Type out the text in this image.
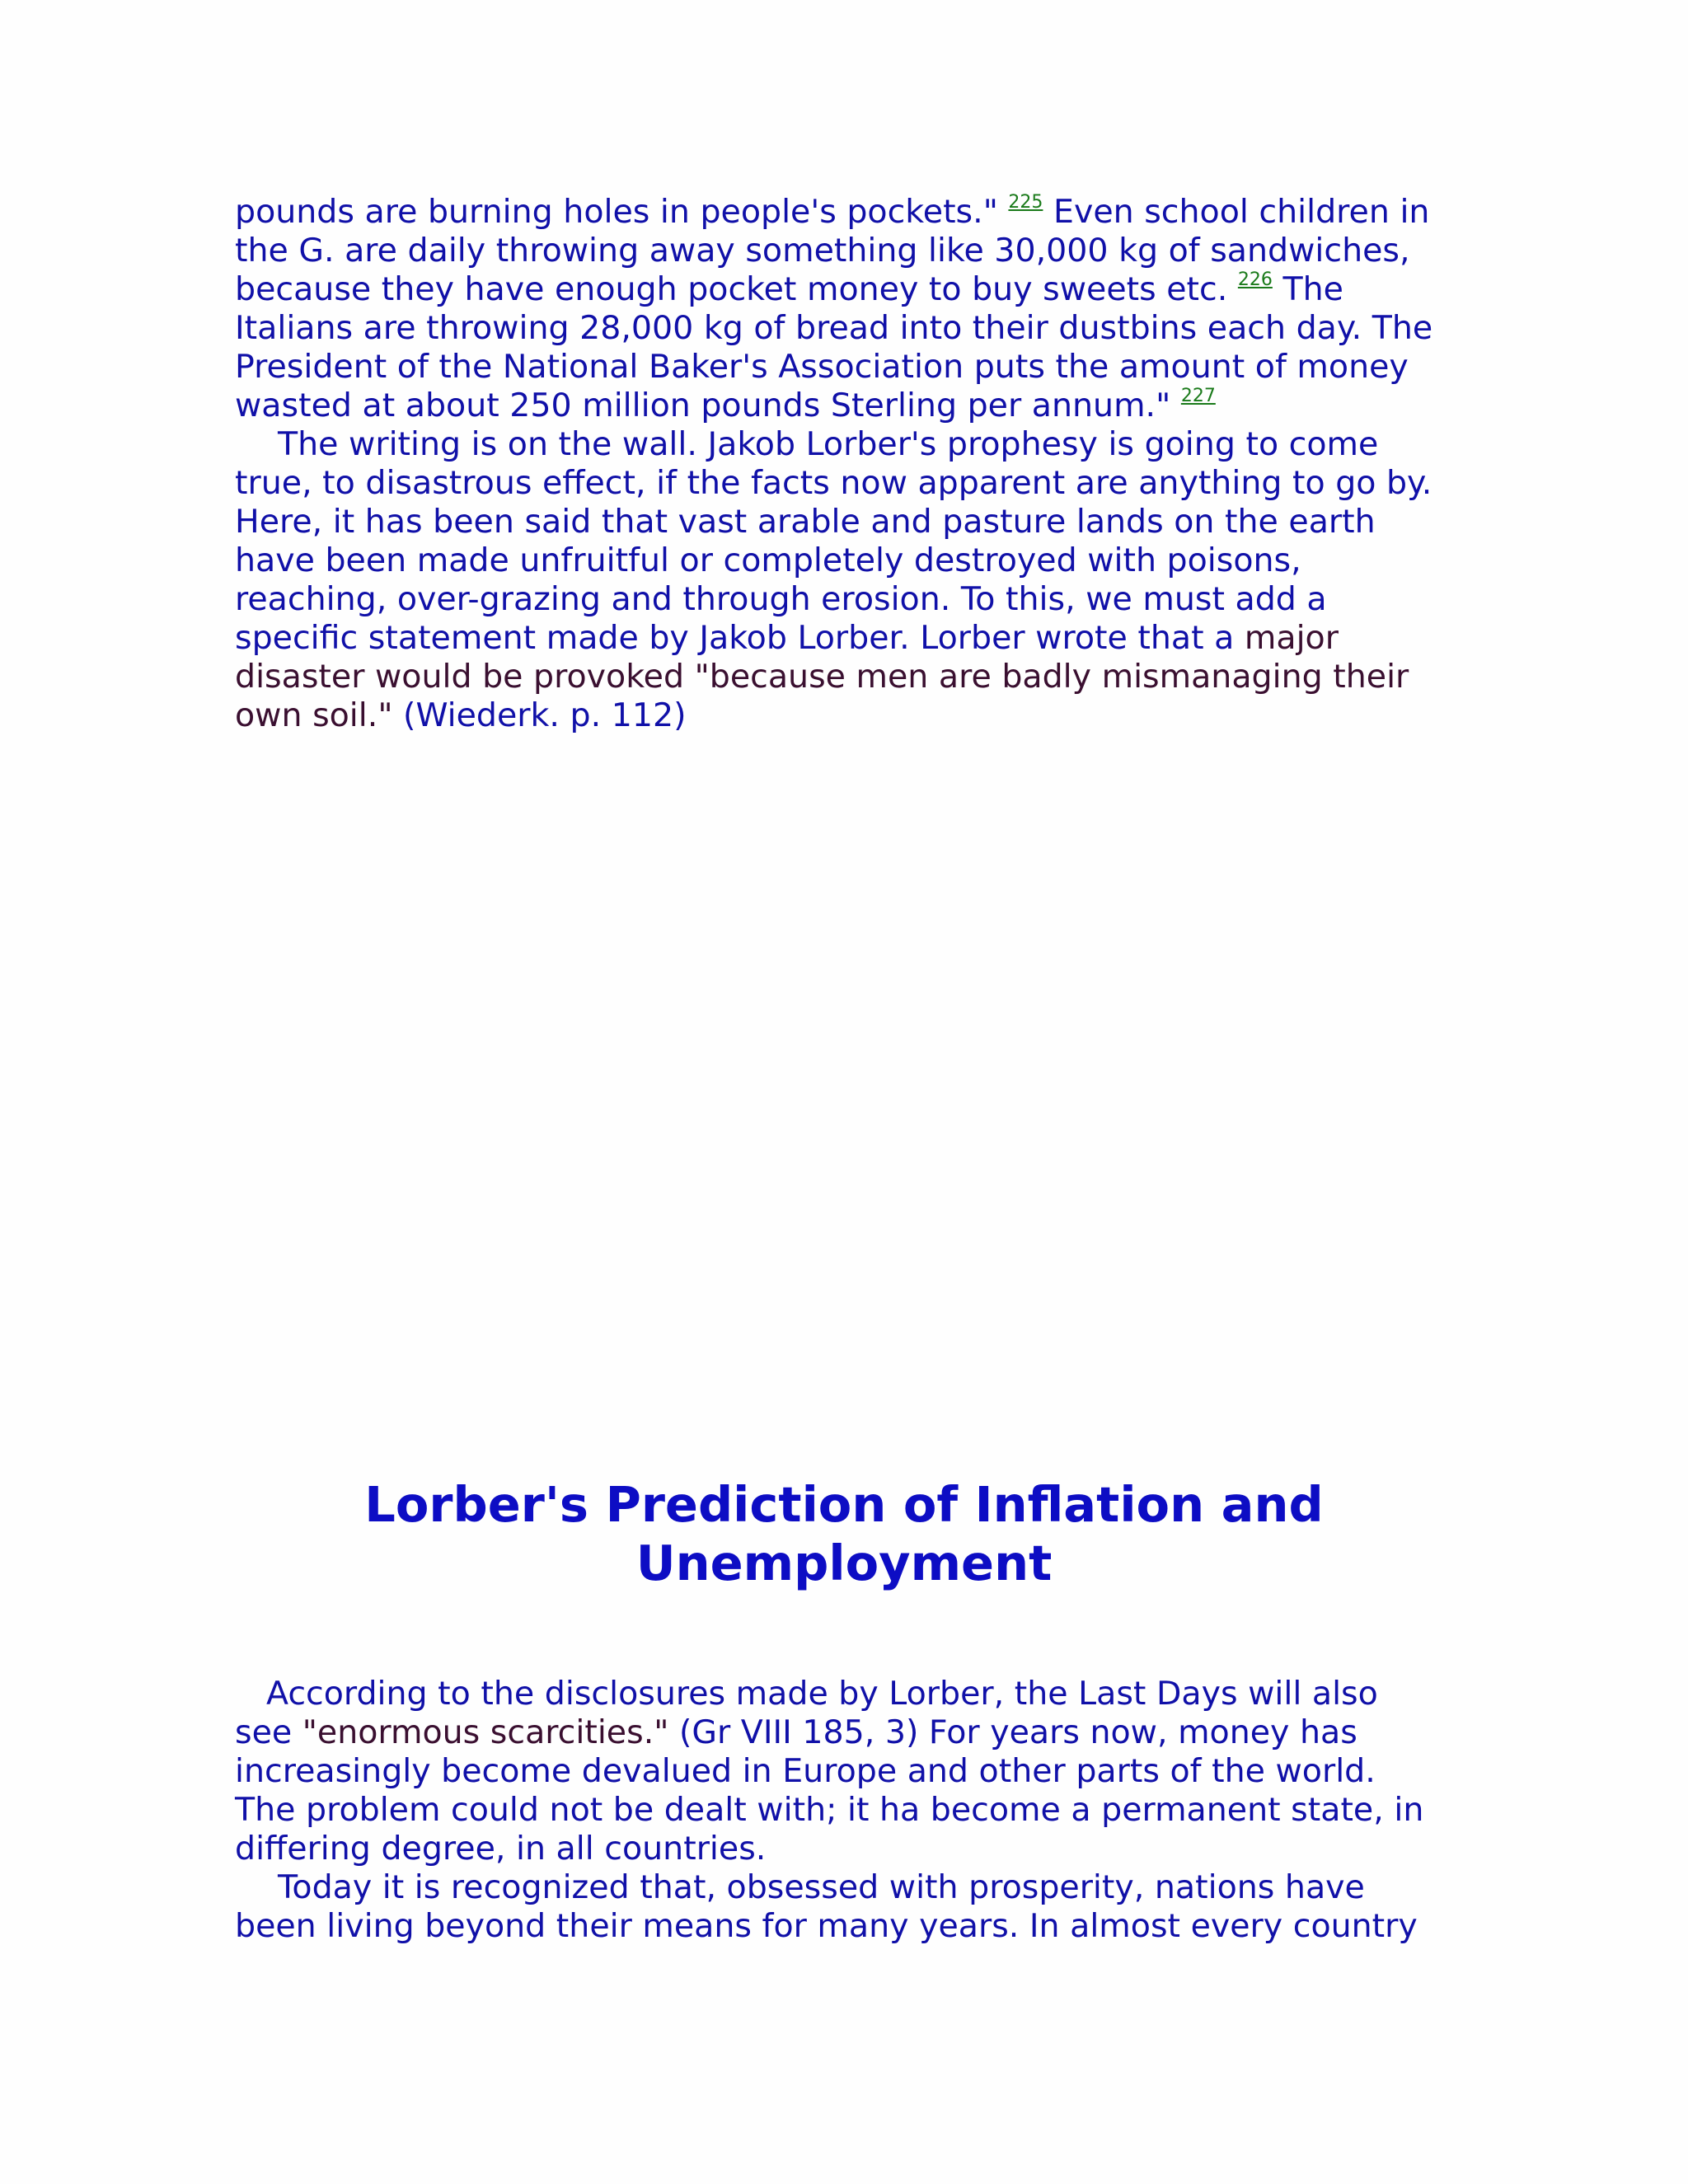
pounds are burning holes in people's pockets." $^{225}$ Even school children in
the G. are daily throwing away something like 30,000 kg of sandwiches,
because they have enough pocket money to buy sweets etc. $^{226}$ The
Italians are throwing 28,000 kg of bread into their dustbins each day. The
President of the National Baker's Association puts the amount of money
wasted at about 250 million pounds Sterling per annum." $^{227}$

The writing is on the wall. Jakob Lorber's prophesy is going to come
true, to disastrous effect, if the facts now apparent are anything to go by.
Here, it has been said that vast arable and pasture lands on the earth
have been made unfruitful or completely destroyed with poisons,
reaching, over-grazing and through erosion. To this, we must add a
specific statement made by Jakob Lorber. Lorber wrote that a major
disaster would be provoked "because men are badly mismanaging their
own soil." (Wiederk. p. 112)

Lorber's Prediction of Inflation and
Unemployment

According to the disclosures made by Lorber, the Last Days will also
see "enormous scarcities." (Gr VIII 185, 3) For years now, money has
increasingly become devalued in Europe and other parts of the world.
The problem could not be dealt with; it ha become a permanent state, in
differing degree, in all countries.

Today it is recognized that, obsessed with prosperity, nations have
been living beyond their means for many years. In almost every country
